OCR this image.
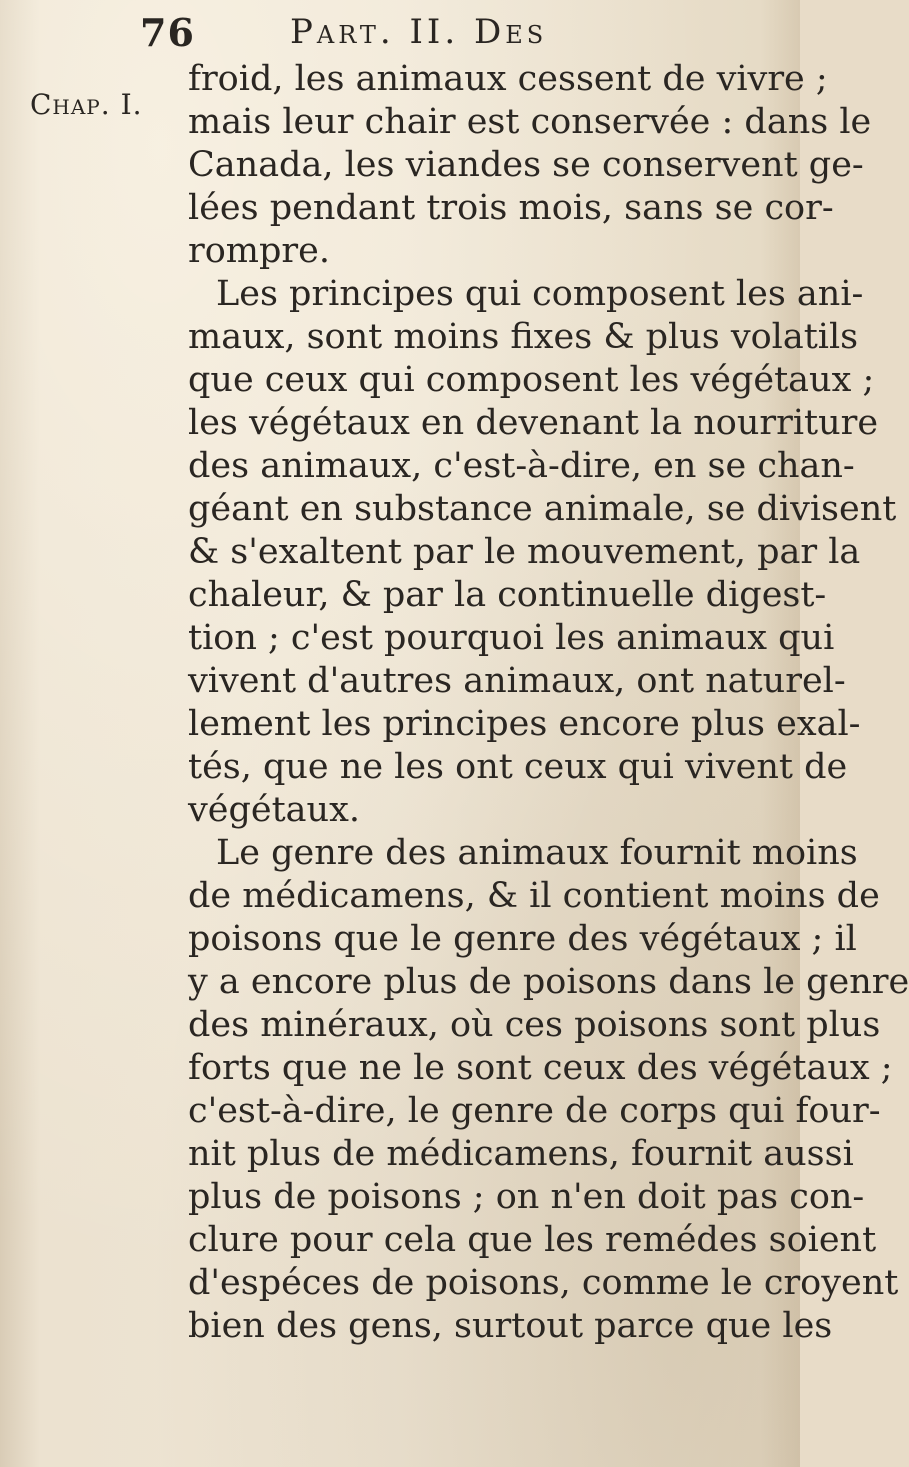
76	Part. II. Des
Chap. I.
froid, les animaux cessent de vivre ;
mais leur chair est conservée : dans le
Canada, les viandes se conservent ge-
lées pendant trois mois, sans se cor-
rompre.
Les principes qui composent les ani-
maux, sont moins fixes & plus volatils
que ceux qui composent les végétaux ;
les végétaux en devenant la nourriture
des animaux, c'est-à-dire, en se chan-
géant en substance animale, se divisent
& s'exaltent par le mouvement, par la
chaleur, & par la continuelle digest-
tion ; c'est pourquoi les animaux qui
vivent d'autres animaux, ont naturel-
lement les principes encore plus exal-
tés, que ne les ont ceux qui vivent de
végétaux.
Le genre des animaux fournit moins
de médicamens, & il contient moins de
poisons que le genre des végétaux ; il
y a encore plus de poisons dans le genre
des minéraux, où ces poisons sont plus
forts que ne le sont ceux des végétaux ;
c'est-à-dire, le genre de corps qui four-
nit plus de médicamens, fournit aussi
plus de poisons ; on n'en doit pas con-
clure pour cela que les remédes soient
d'espéces de poisons, comme le croyent
bien des gens, surtout parce que les
